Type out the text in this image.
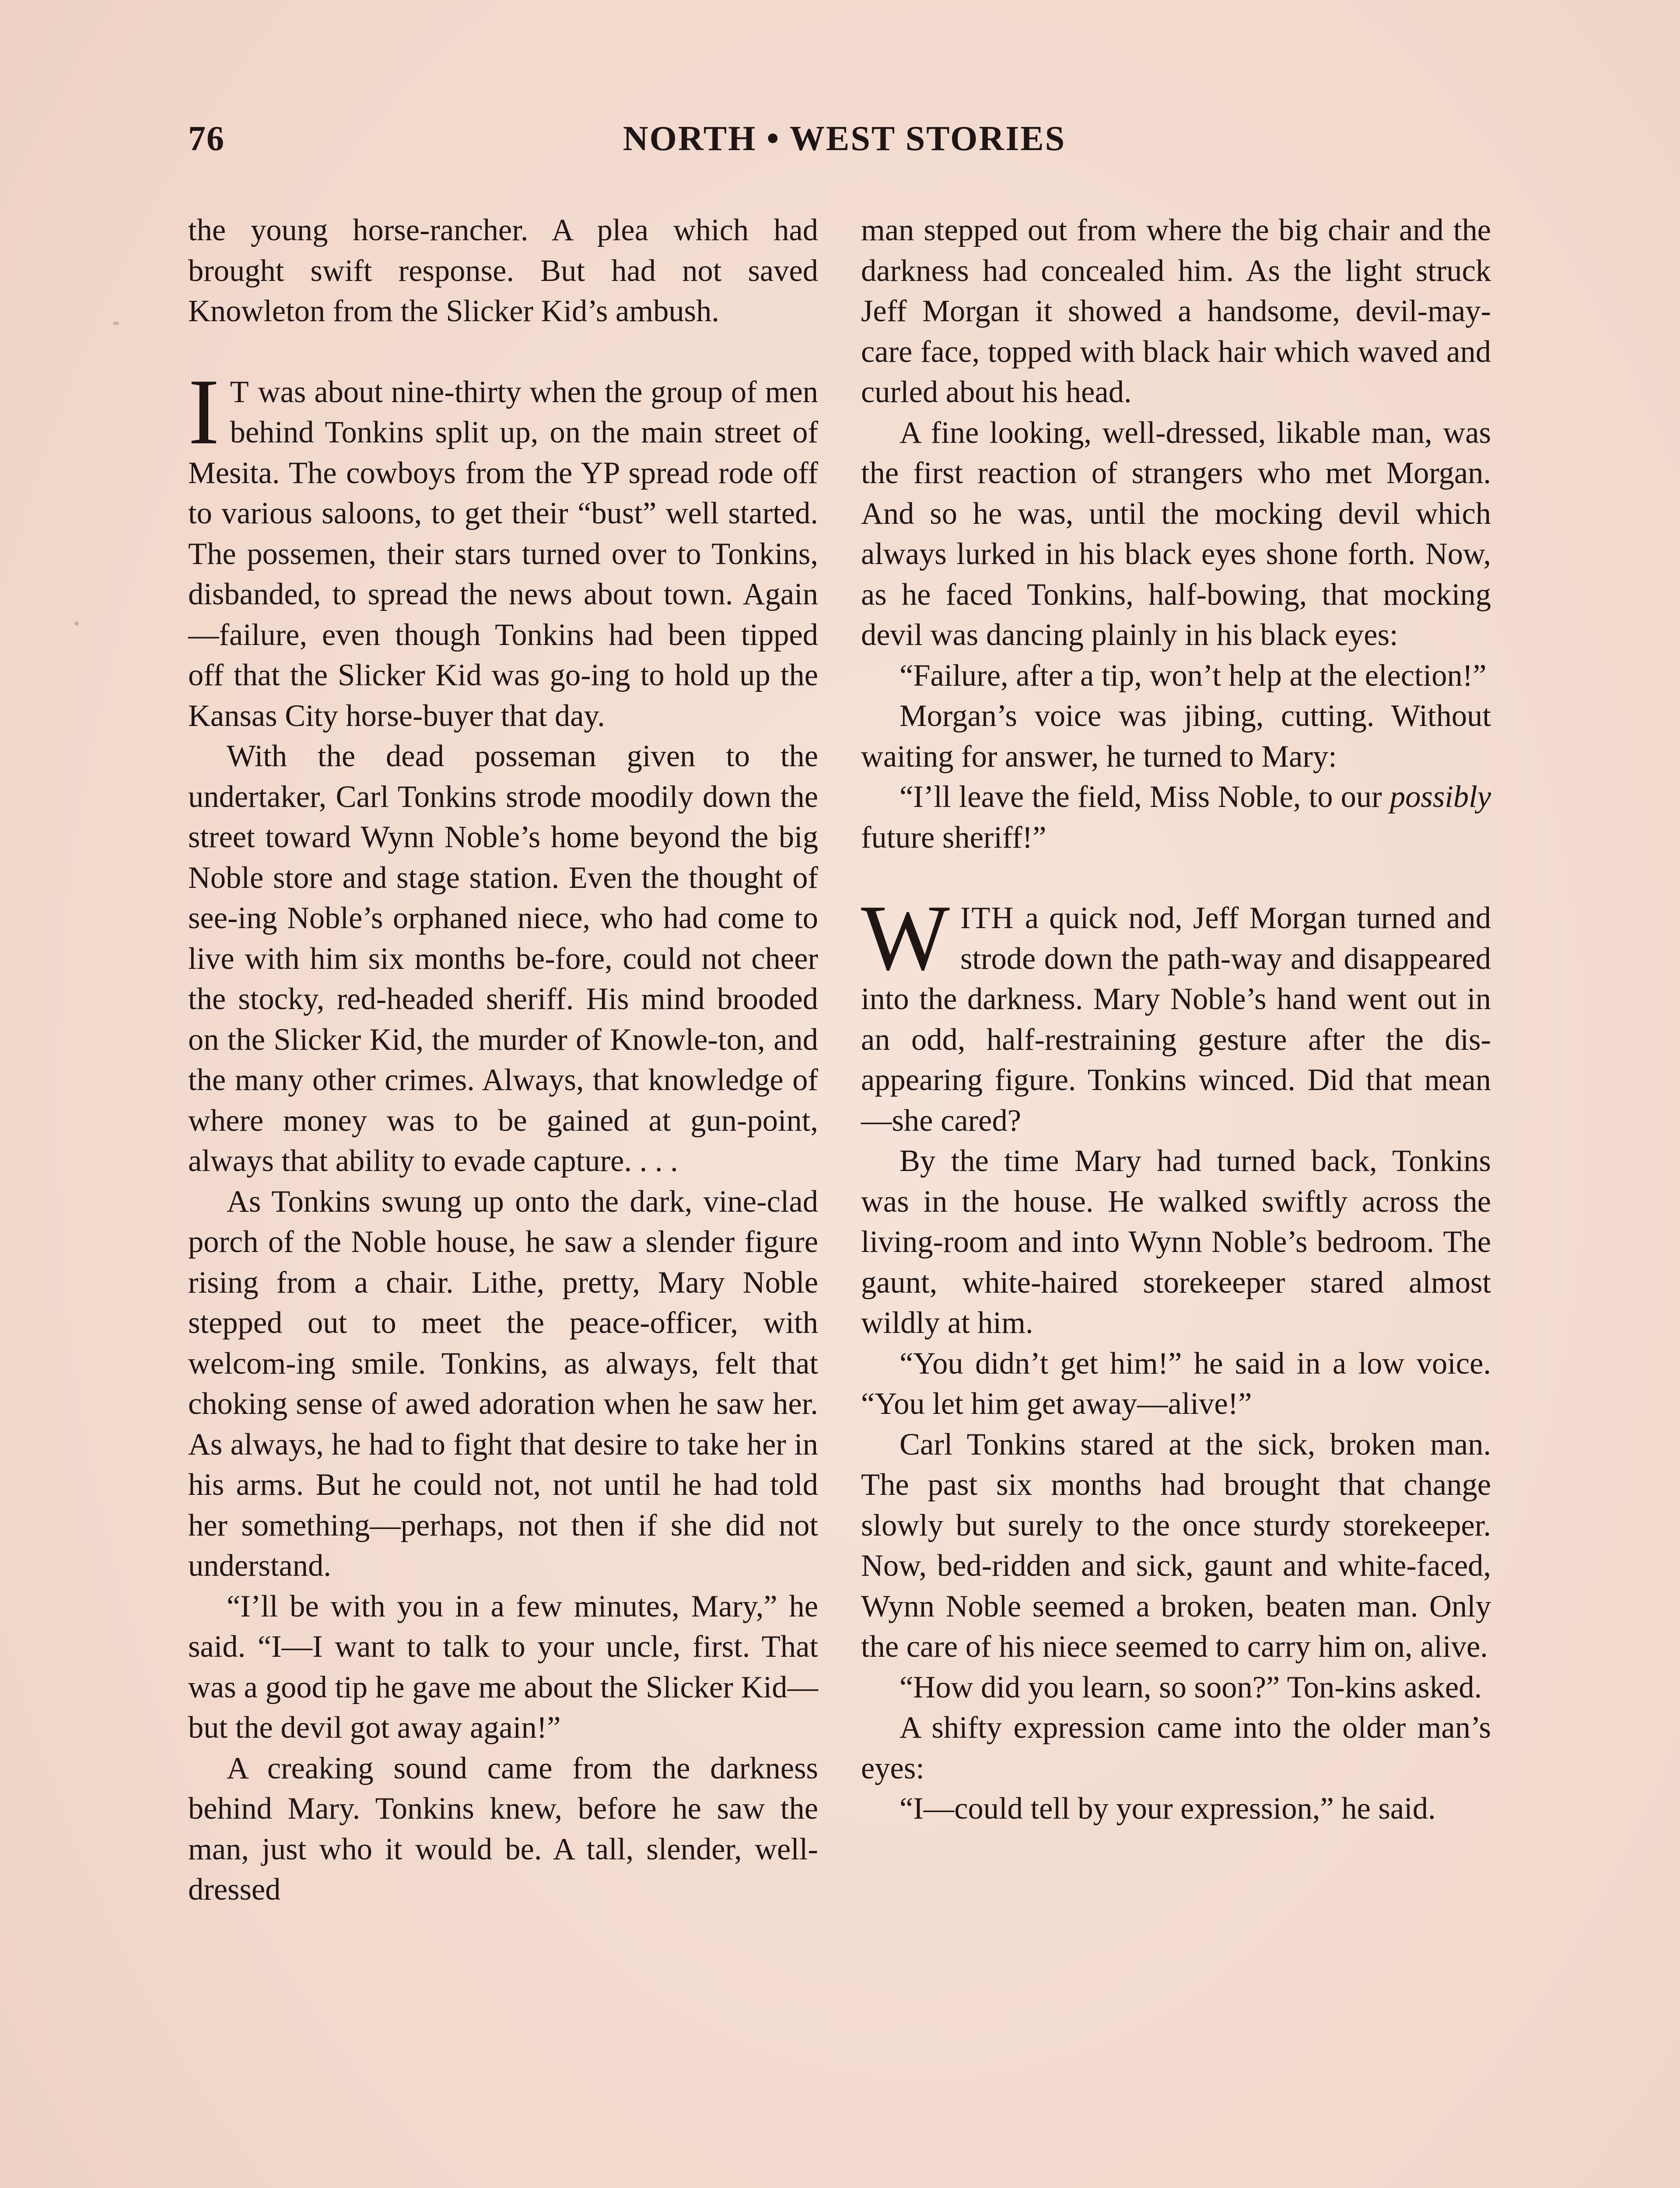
76	NORTH • WEST STORIES

the young horse-rancher. A plea which had brought swift response. But had not saved Knowleton from the Slicker Kid’s ambush.

I T was about nine-thirty when the group of men behind Tonkins split up, on the main street of Mesita. The cowboys from the YP spread rode off to various saloons, to get their “bust” well started. The possemen, their stars turned over to Tonkins, disbanded, to spread the news about town. Again—failure, even though Tonkins had been tipped off that the Slicker Kid was go-ing to hold up the Kansas City horse-buyer that day.

With the dead posseman given to the undertaker, Carl Tonkins strode moodily down the street toward Wynn Noble’s home beyond the big Noble store and stage station. Even the thought of see-ing Noble’s orphaned niece, who had come to live with him six months be-fore, could not cheer the stocky, red-headed sheriff. His mind brooded on the Slicker Kid, the murder of Knowle-ton, and the many other crimes. Always, that knowledge of where money was to be gained at gun-point, always that ability to evade capture. . . .

As Tonkins swung up onto the dark, vine-clad porch of the Noble house, he saw a slender figure rising from a chair. Lithe, pretty, Mary Noble stepped out to meet the peace-officer, with welcom-ing smile. Tonkins, as always, felt that choking sense of awed adoration when he saw her. As always, he had to fight that desire to take her in his arms. But he could not, not until he had told her something—perhaps, not then if she did not understand.

“I’ll be with you in a few minutes, Mary,” he said. “I—I want to talk to your uncle, first. That was a good tip he gave me about the Slicker Kid—but the devil got away again!”

A creaking sound came from the darkness behind Mary. Tonkins knew, before he saw the man, just who it would be. A tall, slender, well-dressed

man stepped out from where the big chair and the darkness had concealed him. As the light struck Jeff Morgan it showed a handsome, devil-may-care face, topped with black hair which waved and curled about his head.

A fine looking, well-dressed, likable man, was the first reaction of strangers who met Morgan. And so he was, until the mocking devil which always lurked in his black eyes shone forth. Now, as he faced Tonkins, half-bowing, that mocking devil was dancing plainly in his black eyes:

“Failure, after a tip, won’t help at the election!”

Morgan’s voice was jibing, cutting. Without waiting for answer, he turned to Mary:

“I’ll leave the field, Miss Noble, to our possibly future sheriff!”

WITH a quick nod, Jeff Morgan turned and strode down the path-way and disappeared into the darkness. Mary Noble’s hand went out in an odd, half-restraining gesture after the dis-appearing figure. Tonkins winced. Did that mean—she cared?

By the time Mary had turned back, Tonkins was in the house. He walked swiftly across the living-room and into Wynn Noble’s bedroom. The gaunt, white-haired storekeeper stared almost wildly at him.

“You didn’t get him!” he said in a low voice. “You let him get away—alive!”

Carl Tonkins stared at the sick, broken man. The past six months had brought that change slowly but surely to the once sturdy storekeeper. Now, bed-ridden and sick, gaunt and white-faced, Wynn Noble seemed a broken, beaten man. Only the care of his niece seemed to carry him on, alive.

“How did you learn, so soon?” Ton-kins asked.

A shifty expression came into the older man’s eyes:

“I—could tell by your expression,” he said.
